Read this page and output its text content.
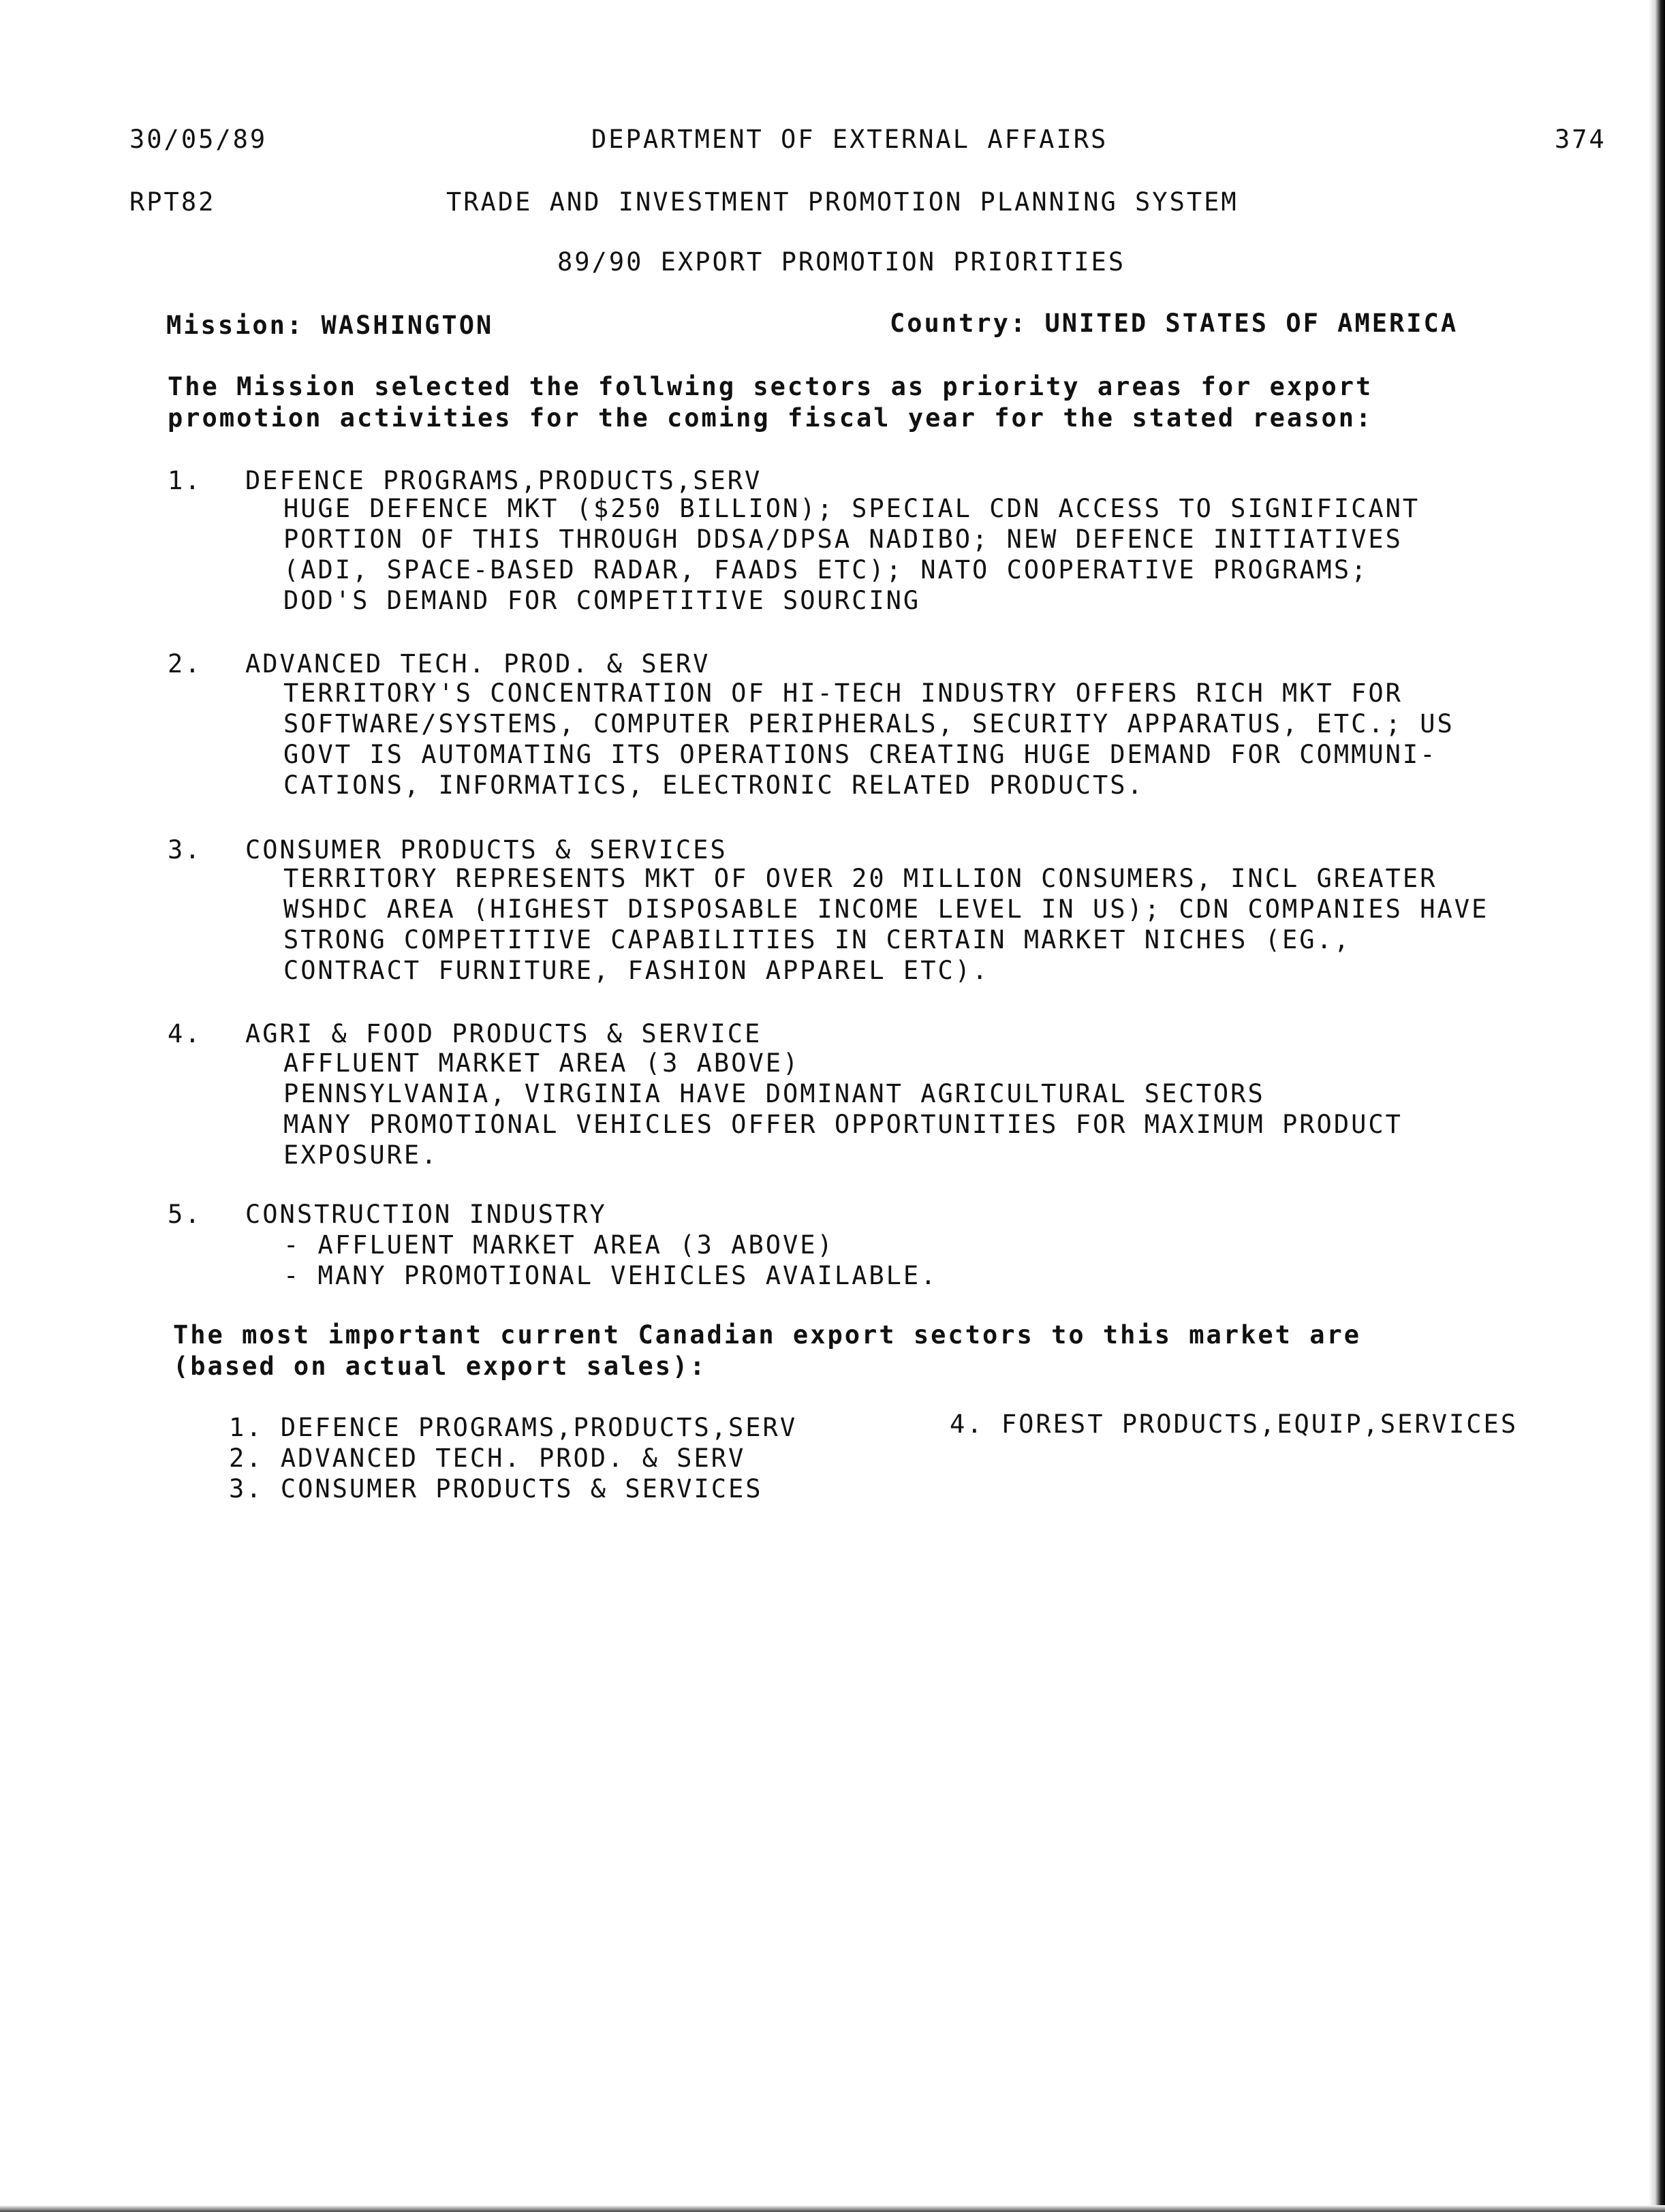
30/05/89	DEPARTMENT OF EXTERNAL AFFAIRS	374
RPT82	TRADE AND INVESTMENT PROMOTION PLANNING SYSTEM
89/90 EXPORT PROMOTION PRIORITIES
Mission: WASHINGTON	Country: UNITED STATES OF AMERICA
The Mission selected the follwing sectors as priority areas for export
promotion activities for the coming fiscal year for the stated reason:
1. DEFENCE PROGRAMS,PRODUCTS,SERV
HUGE DEFENCE MKT ($250 BILLION); SPECIAL CDN ACCESS TO SIGNIFICANT
PORTION OF THIS THROUGH DDSA/DPSA NADIBO; NEW DEFENCE INITIATIVES
(ADI, SPACE-BASED RADAR, FAADS ETC); NATO COOPERATIVE PROGRAMS;
DOD'S DEMAND FOR COMPETITIVE SOURCING
2. ADVANCED TECH. PROD. & SERV
TERRITORY'S CONCENTRATION OF HI-TECH INDUSTRY OFFERS RICH MKT FOR
SOFTWARE/SYSTEMS, COMPUTER PERIPHERALS, SECURITY APPARATUS, ETC.; US
GOVT IS AUTOMATING ITS OPERATIONS CREATING HUGE DEMAND FOR COMMUNI-
CATIONS, INFORMATICS, ELECTRONIC RELATED PRODUCTS.
3. CONSUMER PRODUCTS & SERVICES
TERRITORY REPRESENTS MKT OF OVER 20 MILLION CONSUMERS, INCL GREATER
WSHDC AREA (HIGHEST DISPOSABLE INCOME LEVEL IN US); CDN COMPANIES HAVE
STRONG COMPETITIVE CAPABILITIES IN CERTAIN MARKET NICHES (EG.,
CONTRACT FURNITURE, FASHION APPAREL ETC).
4. AGRI & FOOD PRODUCTS & SERVICE
AFFLUENT MARKET AREA (3 ABOVE)
PENNSYLVANIA, VIRGINIA HAVE DOMINANT AGRICULTURAL SECTORS
MANY PROMOTIONAL VEHICLES OFFER OPPORTUNITIES FOR MAXIMUM PRODUCT
EXPOSURE.
5. CONSTRUCTION INDUSTRY
- AFFLUENT MARKET AREA (3 ABOVE)
- MANY PROMOTIONAL VEHICLES AVAILABLE.
The most important current Canadian export sectors to this market are
(based on actual export sales):
1. DEFENCE PROGRAMS,PRODUCTS,SERV
2. ADVANCED TECH. PROD. & SERV
3. CONSUMER PRODUCTS & SERVICES
4. FOREST PRODUCTS,EQUIP,SERVICES
